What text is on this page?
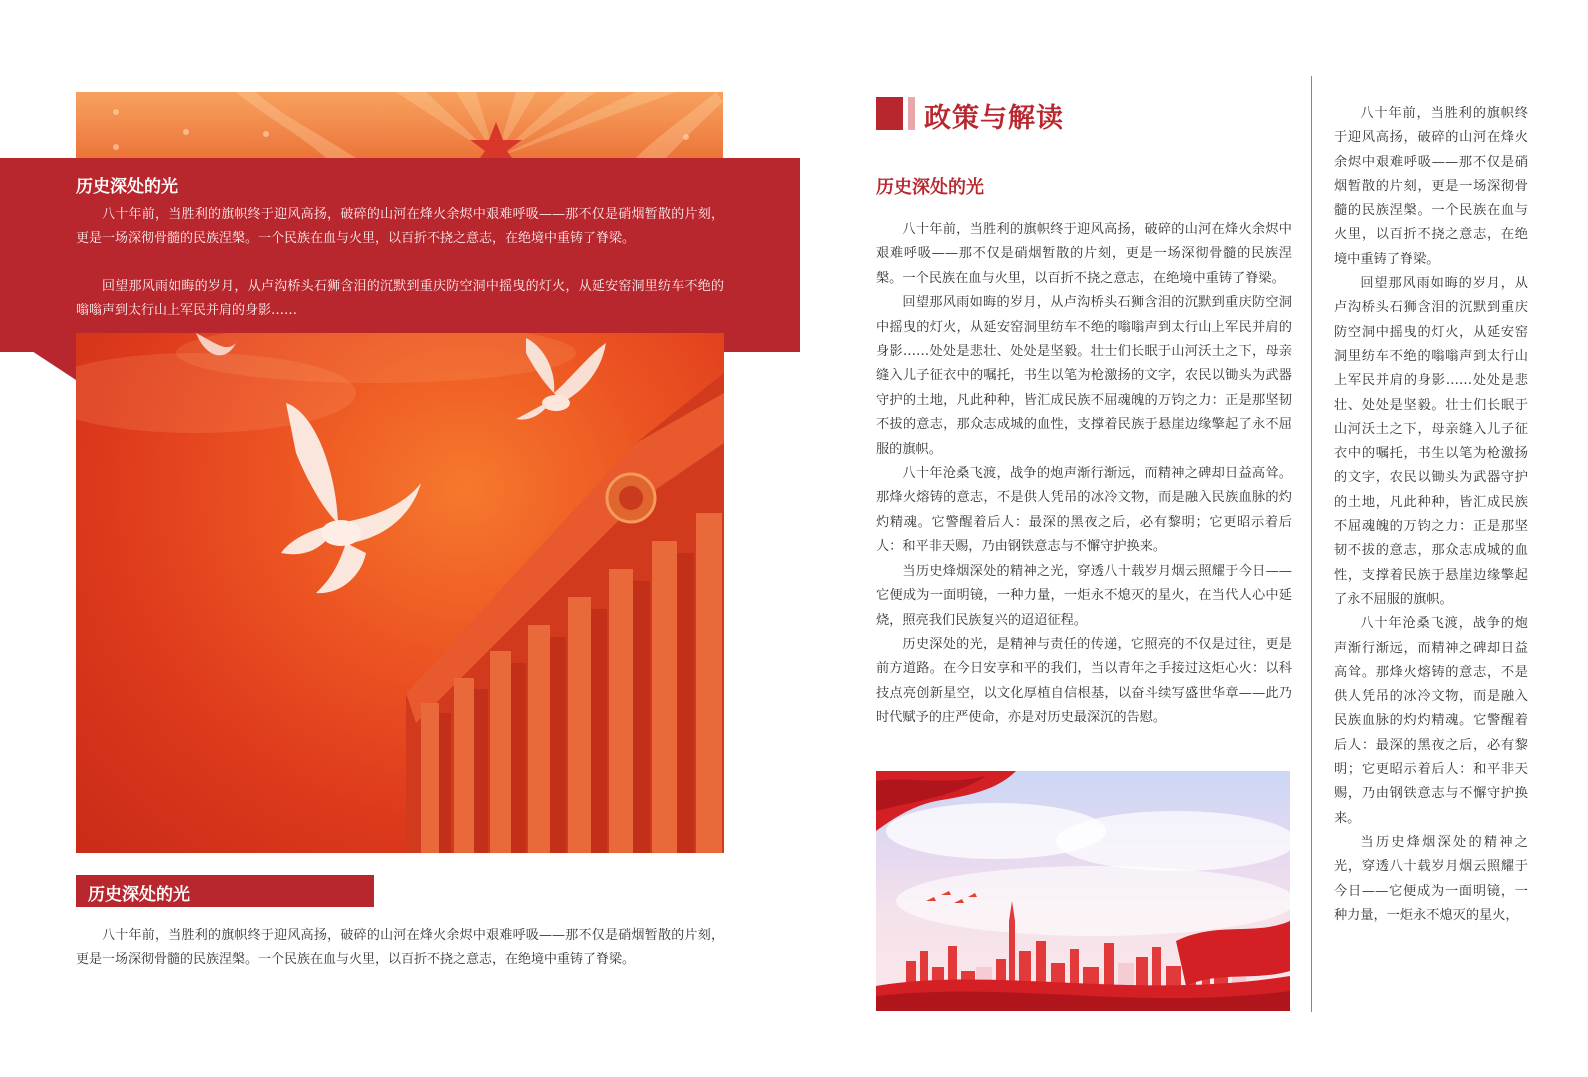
历史深处的光
八十年前，当胜利的旗帜终于迎风高扬，破碎的山河在烽火余烬中艰难呼吸——那不仅是硝烟暂散的片刻，更是一场深彻骨髓的民族涅槃。一个民族在血与火里，以百折不挠之意志，在绝境中重铸了脊梁。
回望那风雨如晦的岁月，从卢沟桥头石狮含泪的沉默到重庆防空洞中摇曳的灯火，从延安窑洞里纺车不绝的嗡嗡声到太行山上军民并肩的身影……
历史深处的光
八十年前，当胜利的旗帜终于迎风高扬，破碎的山河在烽火余烬中艰难呼吸——那不仅是硝烟暂散的片刻，更是一场深彻骨髓的民族涅槃。一个民族在血与火里，以百折不挠之意志，在绝境中重铸了脊梁。
政策与解读
历史深处的光

八十年前，当胜利的旗帜终于迎风高扬，破碎的山河在烽火余烬中艰难呼吸——那不仅是硝烟暂散的片刻，更是一场深彻骨髓的民族涅槃。一个民族在血与火里，以百折不挠之意志，在绝境中重铸了脊梁。

回望那风雨如晦的岁月，从卢沟桥头石狮含泪的沉默到重庆防空洞中摇曳的灯火，从延安窑洞里纺车不绝的嗡嗡声到太行山上军民并肩的身影……处处是悲壮、处处是坚毅。壮士们长眠于山河沃土之下，母亲缝入儿子征衣中的嘱托，书生以笔为枪激扬的文字，农民以锄头为武器守护的土地，凡此种种，皆汇成民族不屈魂魄的万钧之力：正是那坚韧不拔的意志，那众志成城的血性，支撑着民族于悬崖边缘擎起了永不屈服的旗帜。

八十年沧桑飞渡，战争的炮声渐行渐远，而精神之碑却日益高耸。那烽火熔铸的意志，不是供人凭吊的冰冷文物，而是融入民族血脉的灼灼精魂。它警醒着后人：最深的黑夜之后，必有黎明；它更昭示着后人：和平非天赐，乃由钢铁意志与不懈守护换来。

当历史烽烟深处的精神之光，穿透八十载岁月烟云照耀于今日——它便成为一面明镜，一种力量，一炬永不熄灭的星火，在当代人心中延烧，照亮我们民族复兴的迢迢征程。

历史深处的光，是精神与责任的传递，它照亮的不仅是过往，更是前方道路。在今日安享和平的我们，当以青年之手接过这炬心火：以科技点亮创新星空，以文化厚植自信根基，以奋斗续写盛世华章——此乃时代赋予的庄严使命，亦是对历史最深沉的告慰。

八十年前，当胜利的旗帜终于迎风高扬，破碎的山河在烽火余烬中艰难呼吸——那不仅是硝烟暂散的片刻，更是一场深彻骨髓的民族涅槃。一个民族在血与火里，以百折不挠之意志，在绝境中重铸了脊梁。

回望那风雨如晦的岁月，从卢沟桥头石狮含泪的沉默到重庆防空洞中摇曳的灯火，从延安窑洞里纺车不绝的嗡嗡声到太行山上军民并肩的身影……处处是悲壮、处处是坚毅。壮士们长眠于山河沃土之下，母亲缝入儿子征衣中的嘱托，书生以笔为枪激扬的文字，农民以锄头为武器守护的土地，凡此种种，皆汇成民族不屈魂魄的万钧之力：正是那坚韧不拔的意志，那众志成城的血性，支撑着民族于悬崖边缘擎起了永不屈服的旗帜。

八十年沧桑飞渡，战争的炮声渐行渐远，而精神之碑却日益高耸。那烽火熔铸的意志，不是供人凭吊的冰冷文物，而是融入民族血脉的灼灼精魂。它警醒着后人：最深的黑夜之后，必有黎明；它更昭示着后人：和平非天赐，乃由钢铁意志与不懈守护换来。

当历史烽烟深处的精神之光，穿透八十载岁月烟云照耀于今日——它便成为一面明镜，一种力量，一炬永不熄灭的星火，
